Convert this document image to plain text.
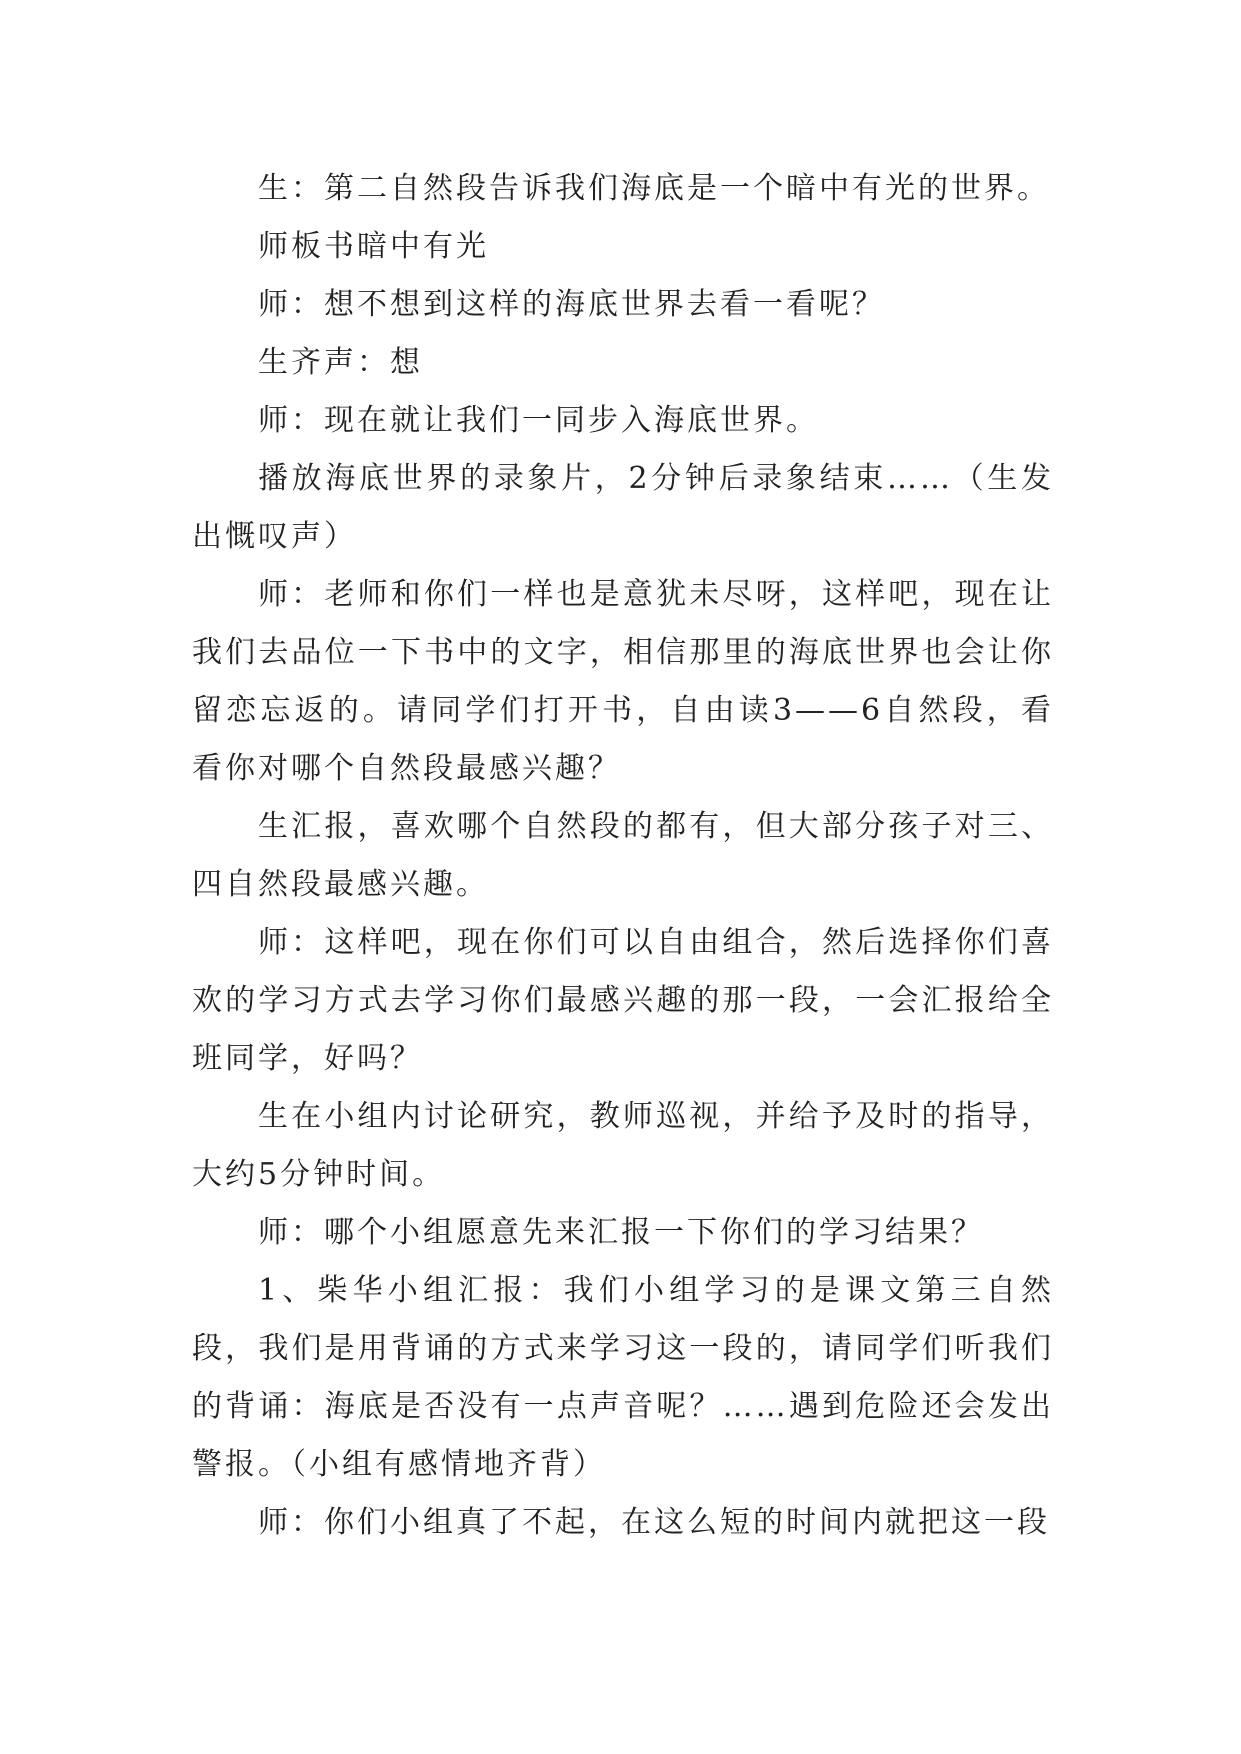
生：第二自然段告诉我们海底是一个暗中有光的世界。

师板书暗中有光

师：想不想到这样的海底世界去看一看呢？

生齐声：想

师：现在就让我们一同步入海底世界。

播放海底世界的录象片，2分钟后录象结束……（生发出慨叹声）

师：老师和你们一样也是意犹未尽呀，这样吧，现在让我们去品位一下书中的文字，相信那里的海底世界也会让你留恋忘返的。请同学们打开书，自由读3——6自然段，看看你对哪个自然段最感兴趣？

生汇报，喜欢哪个自然段的都有，但大部分孩子对三、四自然段最感兴趣。

师：这样吧，现在你们可以自由组合，然后选择你们喜欢的学习方式去学习你们最感兴趣的那一段，一会汇报给全班同学，好吗？

生在小组内讨论研究，教师巡视，并给予及时的指导，大约5分钟时间。

师：哪个小组愿意先来汇报一下你们的学习结果？

1、柴华小组汇报：我们小组学习的是课文第三自然段，我们是用背诵的方式来学习这一段的，请同学们听我们的背诵：海底是否没有一点声音呢？……遇到危险还会发出警报。（小组有感情地齐背）

师：你们小组真了不起，在这么短的时间内就把这一段
